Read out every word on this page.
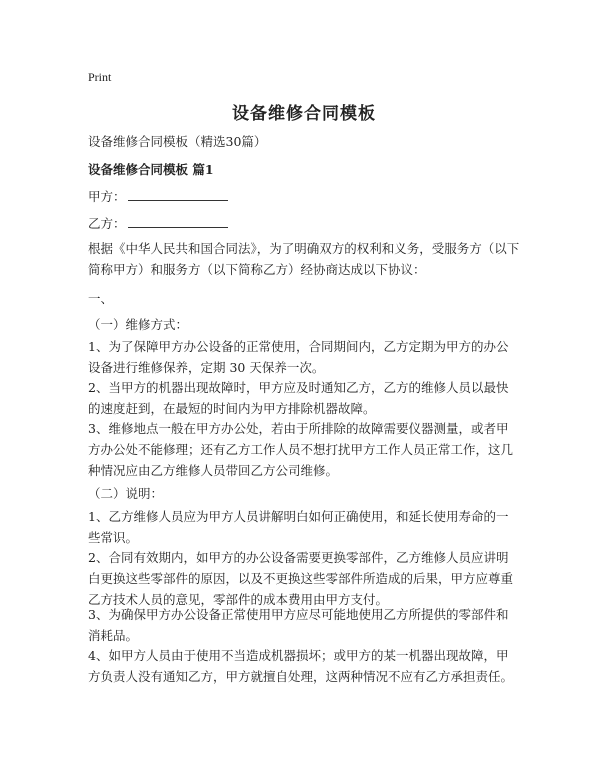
Print
设备维修合同模板
设备维修合同模板（精选30篇）
设备维修合同模板 篇1
甲方：
乙方：
根据《中华人民共和国合同法》，为了明确双方的权利和义务，受服务方（以下简称甲方）和服务方（以下简称乙方）经协商达成以下协议：
一、
（一）维修方式：
1、为了保障甲方办公设备的正常使用，合同期间内，乙方定期为甲方的办公设备进行维修保养，定期 30 天保养一次。
2、当甲方的机器出现故障时，甲方应及时通知乙方，乙方的维修人员以最快的速度赶到，在最短的时间内为甲方排除机器故障。
3、维修地点一般在甲方办公处，若由于所排除的故障需要仪器测量，或者甲方办公处不能修理；还有乙方工作人员不想打扰甲方工作人员正常工作，这几种情况应由乙方维修人员带回乙方公司维修。
（二）说明：
1、乙方维修人员应为甲方人员讲解明白如何正确使用，和延长使用寿命的一些常识。
2、合同有效期内，如甲方的办公设备需要更换零部件，乙方维修人员应讲明白更换这些零部件的原因，以及不更换这些零部件所造成的后果，甲方应尊重乙方技术人员的意见，零部件的成本费用由甲方支付。
3、为确保甲方办公设备正常使用甲方应尽可能地使用乙方所提供的零部件和消耗品。
4、如甲方人员由于使用不当造成机器损坏；或甲方的某一机器出现故障，甲方负责人没有通知乙方，甲方就擅自处理，这两种情况不应有乙方承担责任。
